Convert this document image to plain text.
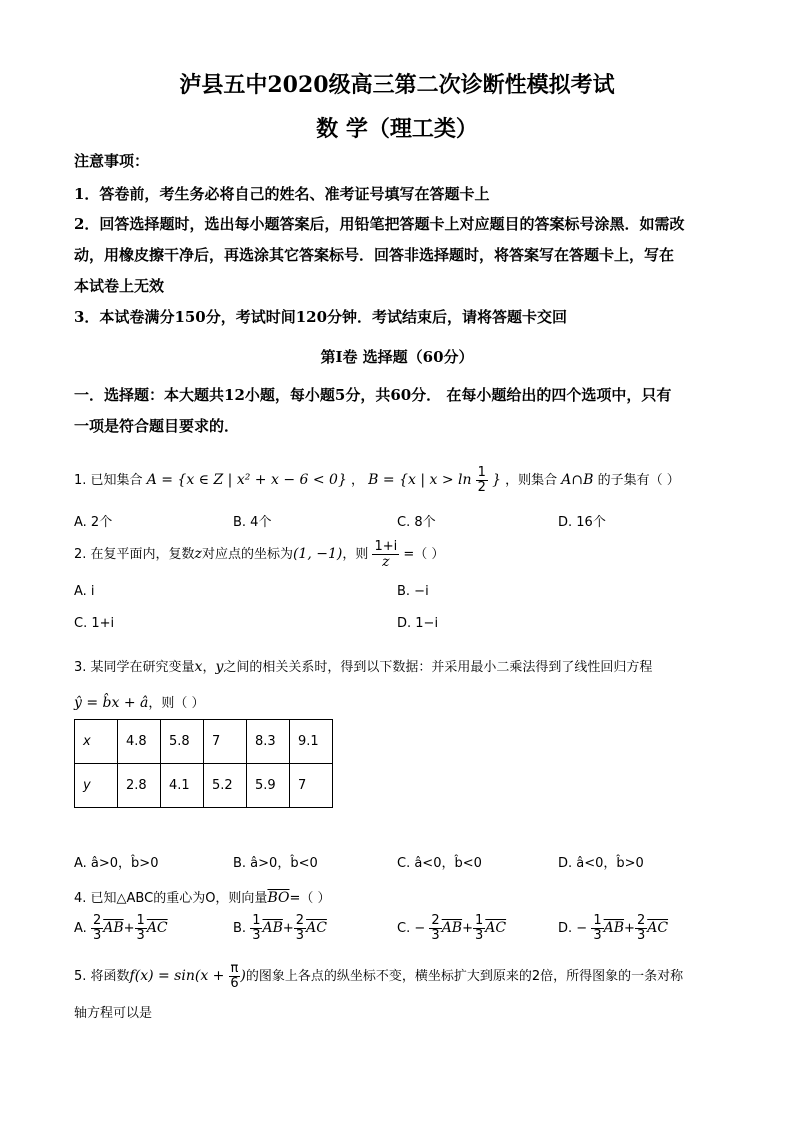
泸县五中2020级高三第二次诊断性模拟考试
数 学（理工类）
注意事项：
1．答卷前，考生务必将自己的姓名、准考证号填写在答题卡上
2．回答选择题时，选出每小题答案后，用铅笔把答题卡上对应题目的答案标号涂黑．如需改
动，用橡皮擦干净后，再选涂其它答案标号．回答非选择题时，将答案写在答题卡上，写在
本试卷上无效
3．本试卷满分150分，考试时间120分钟．考试结束后，请将答题卡交回
第I卷 选择题（60分）
一．选择题：本大题共12小题，每小题5分，共60分． 在每小题给出的四个选项中，只有
一项是符合题目要求的．
1. 已知集合 A = {x ∈ Z | x² + x − 6 < 0} ， B = {x | $x > \ln \frac{1}{2}$ } ，则集合 A∩B 的子集有（ ）
A. 2个	B. 4个	C. 8个	D. 16个
2. 在复平面内，复数z对应点的坐标为(1, −1)，则 $\frac{1+i}{z}$ =（ ）
A. i	B. −i
C. 1+i	D. 1−i
3. 某同学在研究变量x，y之间的相关关系时，得到以下数据：并采用最小二乘法得到了线性回归方程
ŷ = b̂x + â，则（ ）
x	4.8	5.8	7	8.3	9.1
y	2.8	4.1	5.2	5.9	7
A. â>0，b̂>0	B. â>0，b̂<0	C. â<0，b̂<0	D. â<0，b̂>0
4. 已知△ABC的重心为O，则向量$\overline{BO}=$（ ）
A. $\frac{2}{3} \overline{AB}+ \frac{1}{3} \overline{AC}$	B. $\frac{1}{3} \overline{AB}+ \frac{2}{3} \overline{AC}$	C. − $\frac{2}{3} \overline{AB}+ \frac{1}{3} \overline{AC}$	D. − $\frac{1}{3} \overline{AB}+ \frac{2}{3} \overline{AC}$
5. 将函数$f(x) = \sin(x + \frac{\pi}{6}$ )的图象上各点的纵坐标不变，横坐标扩大到原来的2倍，所得图象的一条对称
轴方程可以是
